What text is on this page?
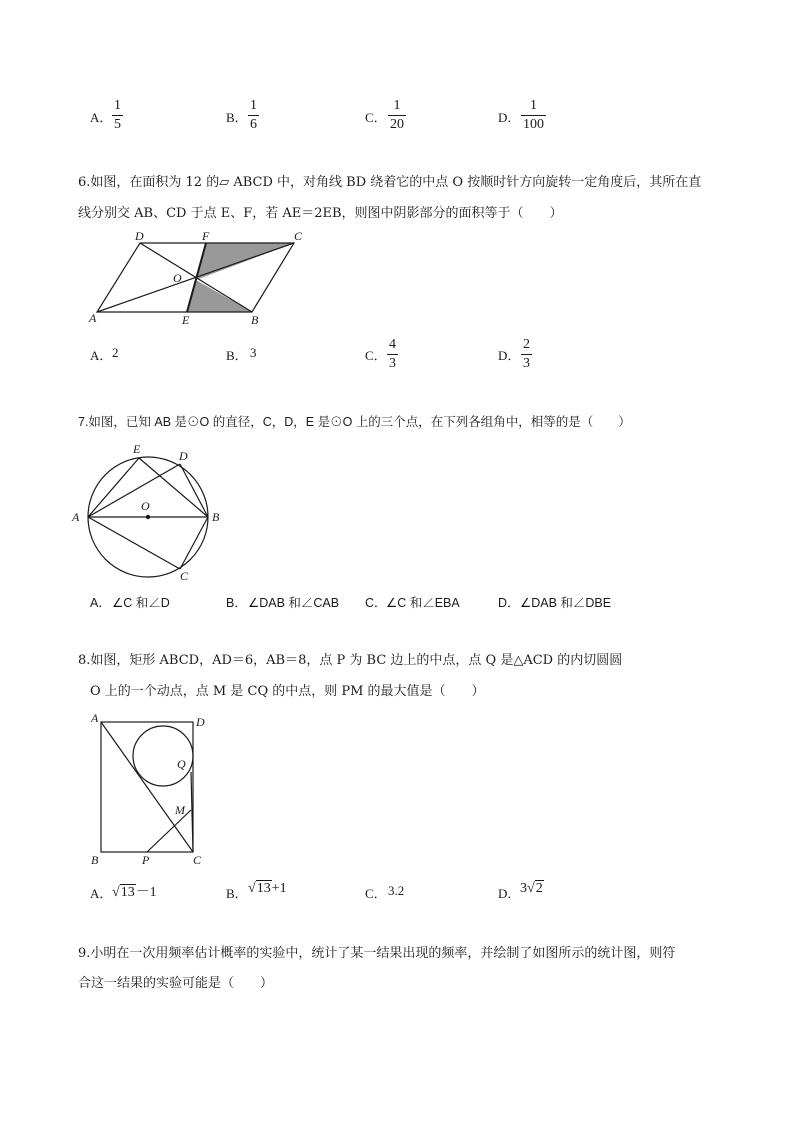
A．
1
5	B．
1
6	C．
1
20	D．
1
100
6.如图，在面积为 12 的▱ ABCD 中，对角线 BD 绕着它的中点 O 按顺时针方向旋转一定角度后，其所在直
线分别交 AB、CD 于点 E、F，若 AE＝2EB，则图中阴影部分的面积等于（　　）
D	F	C
O
A	E	B
A． 2	B． 3	C．
4
3
D．
2
3
7.如图，已知 AB 是⊙O 的直径，C，D，E 是⊙O 上的三个点，在下列各组角中，相等的是（　　）
E	D
O
A	B
C
A． ∠C 和∠D	B． ∠DAB 和∠CAB C． ∠C 和∠EBA	D． ∠DAB 和∠DBE
8.如图，矩形 ABCD，AD＝6，AB＝8，点 P 为 BC 边上的中点，点 Q 是△ACD 的内切圆圆
O 上的一个动点，点 M 是 CQ 的中点，则 PM 的最大值是（　　）
A	D
Q
M
B	P	C
A． √13－1	B． √13+1	C． 3.2	D． 3√2
9.小明在一次用频率估计概率的实验中，统计了某一结果出现的频率，并绘制了如图所示的统计图，则符
合这一结果的实验可能是（　　）
